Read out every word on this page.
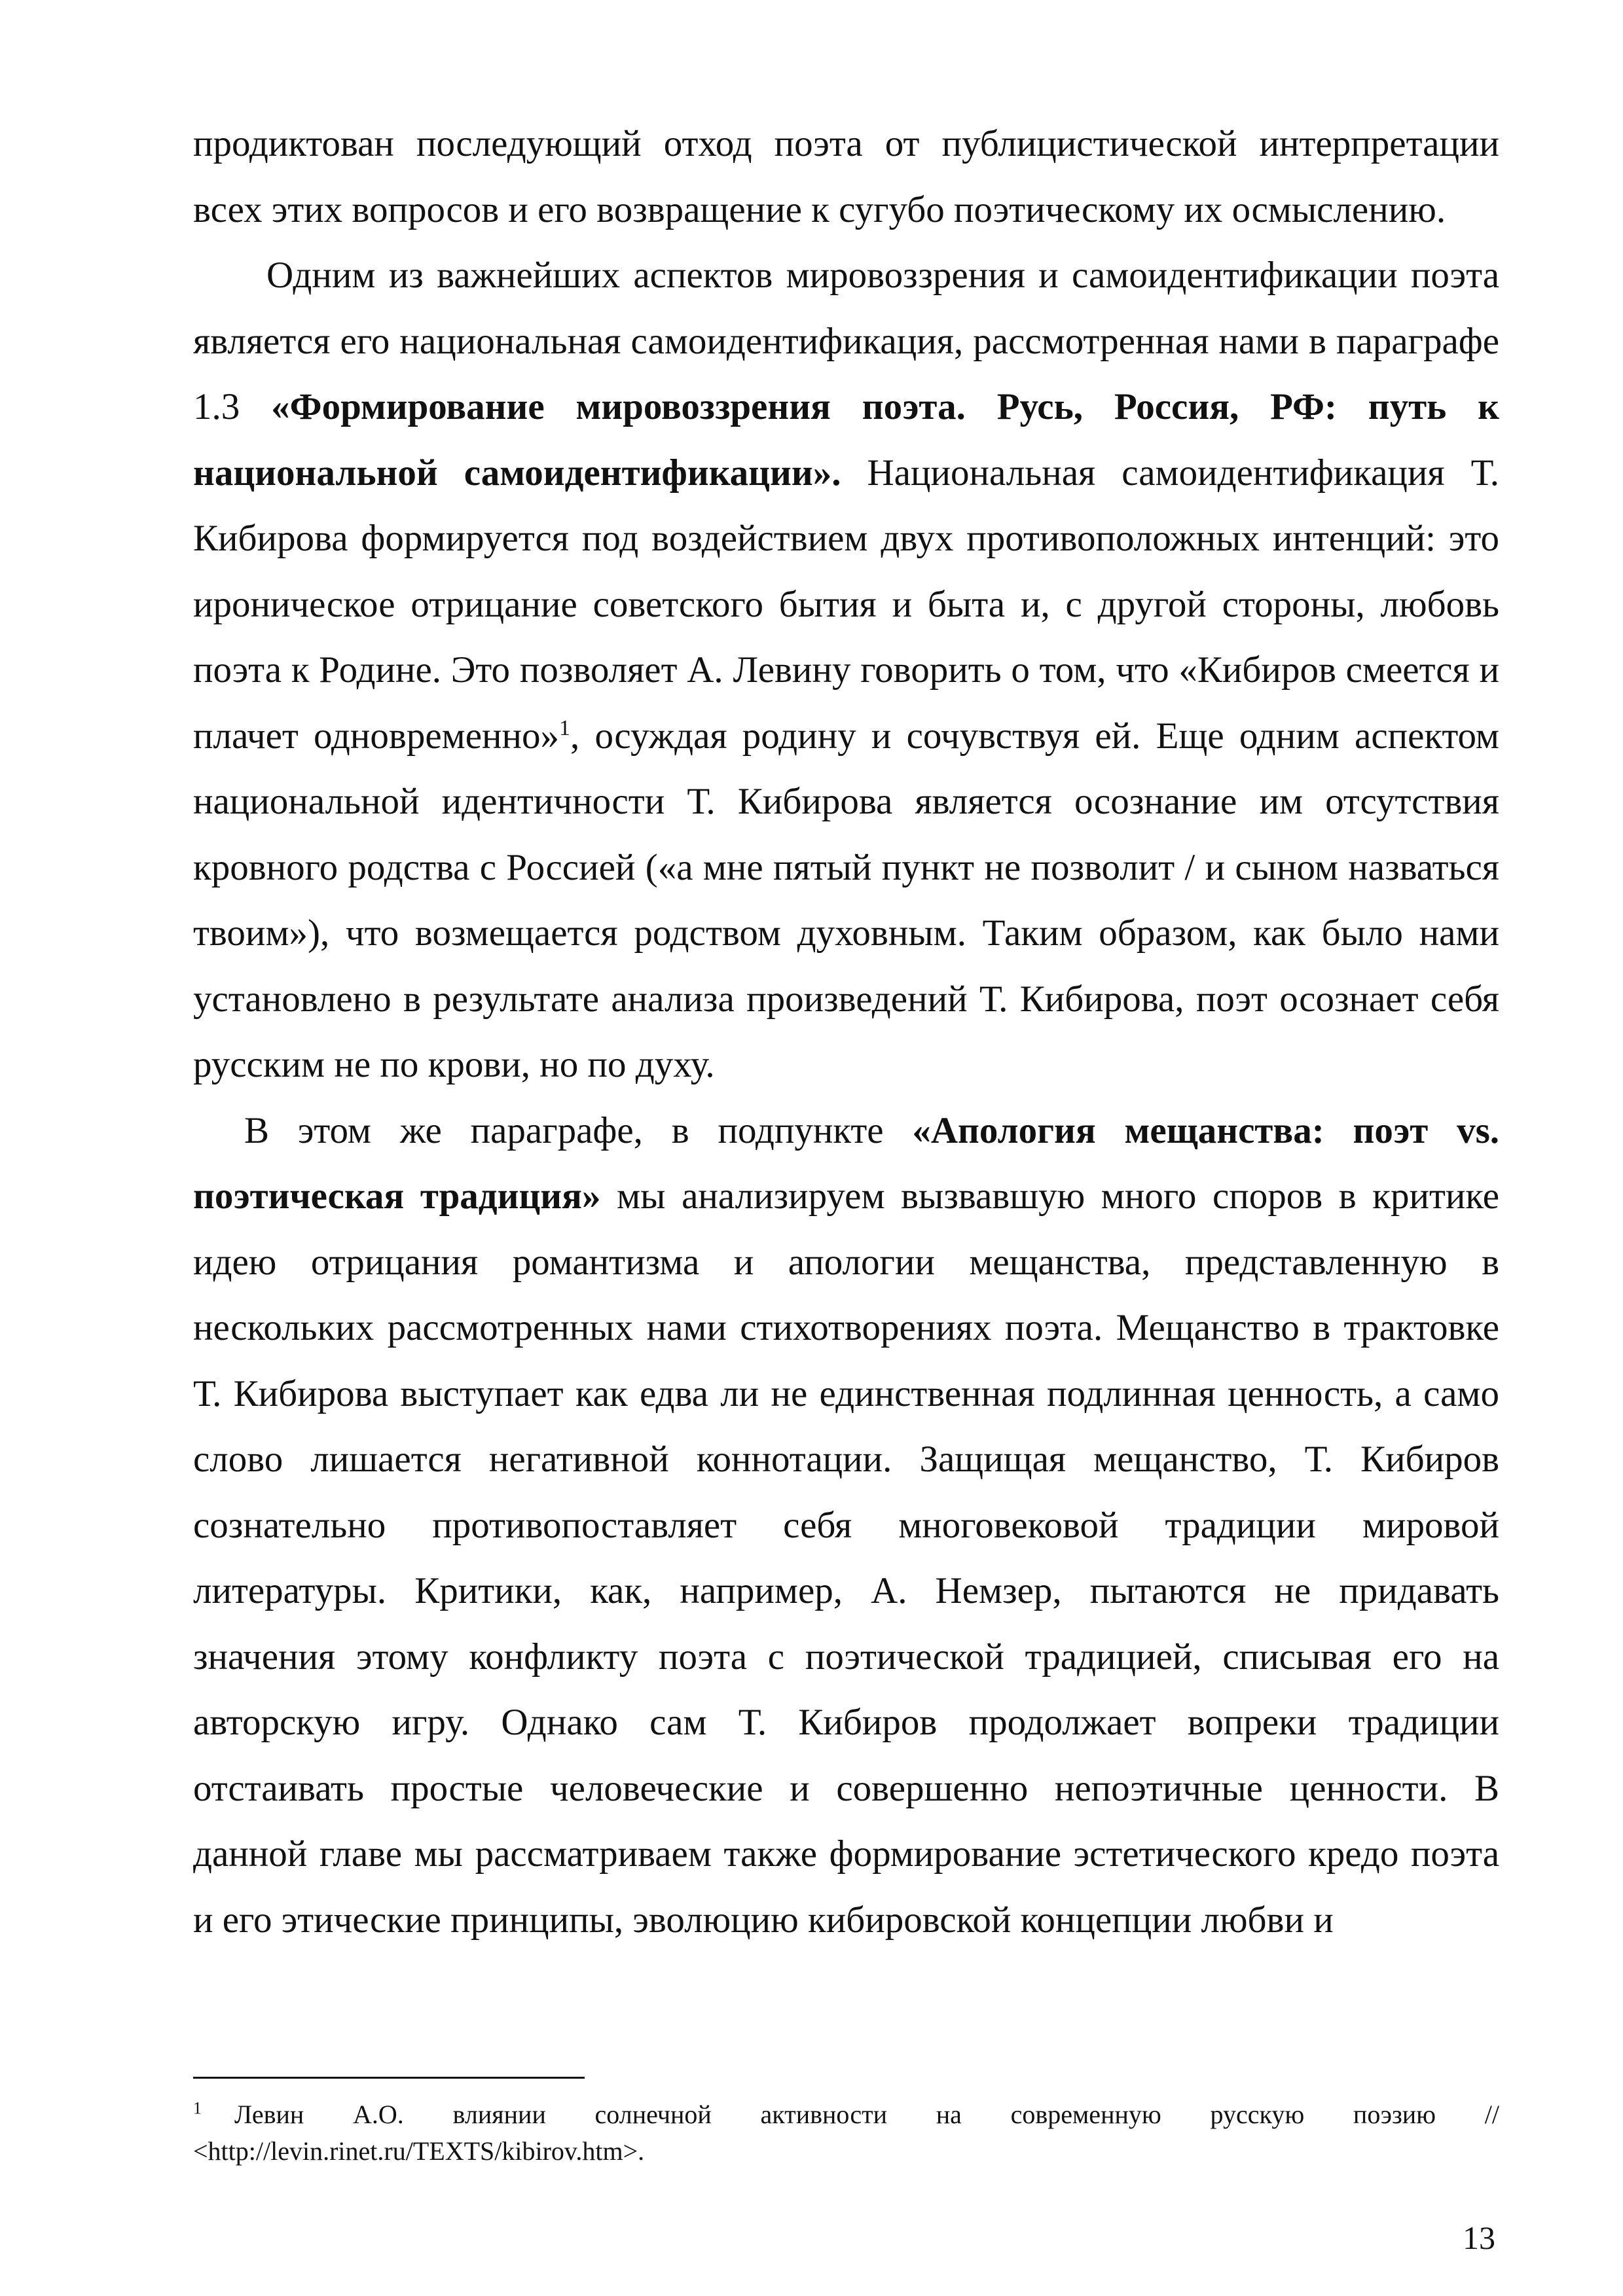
продиктован последующий отход поэта от публицистической интерпретации всех этих вопросов и его возвращение к сугубо поэтическому их осмыслению.

Одним из важнейших аспектов мировоззрения и самоидентификации поэта является его национальная самоидентификация, рассмотренная нами в параграфе 1.3 «Формирование мировоззрения поэта. Русь, Россия, РФ: путь к национальной самоидентификации». Национальная самоидентификация Т. Кибирова формируется под воздействием двух противоположных интенций: это ироническое отрицание советского бытия и быта и, с другой стороны, любовь поэта к Родине. Это позволяет А. Левину говорить о том, что «Кибиров смеется и плачет одновременно»$^1$, осуждая родину и сочувствуя ей. Еще одним аспектом национальной идентичности Т. Кибирова является осознание им отсутствия кровного родства с Россией («а мне пятый пункт не позволит / и сыном назваться твоим»), что возмещается родством духовным. Таким образом, как было нами установлено в результате анализа произведений Т. Кибирова, поэт осознает себя русским не по крови, но по духу.

В этом же параграфе, в подпункте «Апология мещанства: поэт vs. поэтическая традиция» мы анализируем вызвавшую много споров в критике идею отрицания романтизма и апологии мещанства, представленную в нескольких рассмотренных нами стихотворениях поэта. Мещанство в трактовке Т. Кибирова выступает как едва ли не единственная подлинная ценность, а само слово лишается негативной коннотации. Защищая мещанство, Т. Кибиров сознательно противопоставляет себя многовековой традиции мировой литературы. Критики, как, например, А. Немзер, пытаются не придавать значения этому конфликту поэта с поэтической традицией, списывая его на авторскую игру. Однако сам Т. Кибиров продолжает вопреки традиции отстаивать простые человеческие и совершенно непоэтичные ценности. В данной главе мы рассматриваем также формирование эстетического кредо поэта и его этические принципы, эволюцию кибировской концепции любви и

$^1$ Левин А.О. влиянии солнечной активности на современную русскую поэзию // <http://levin.rinet.ru/TEXTS/kibirov.htm>.

13
